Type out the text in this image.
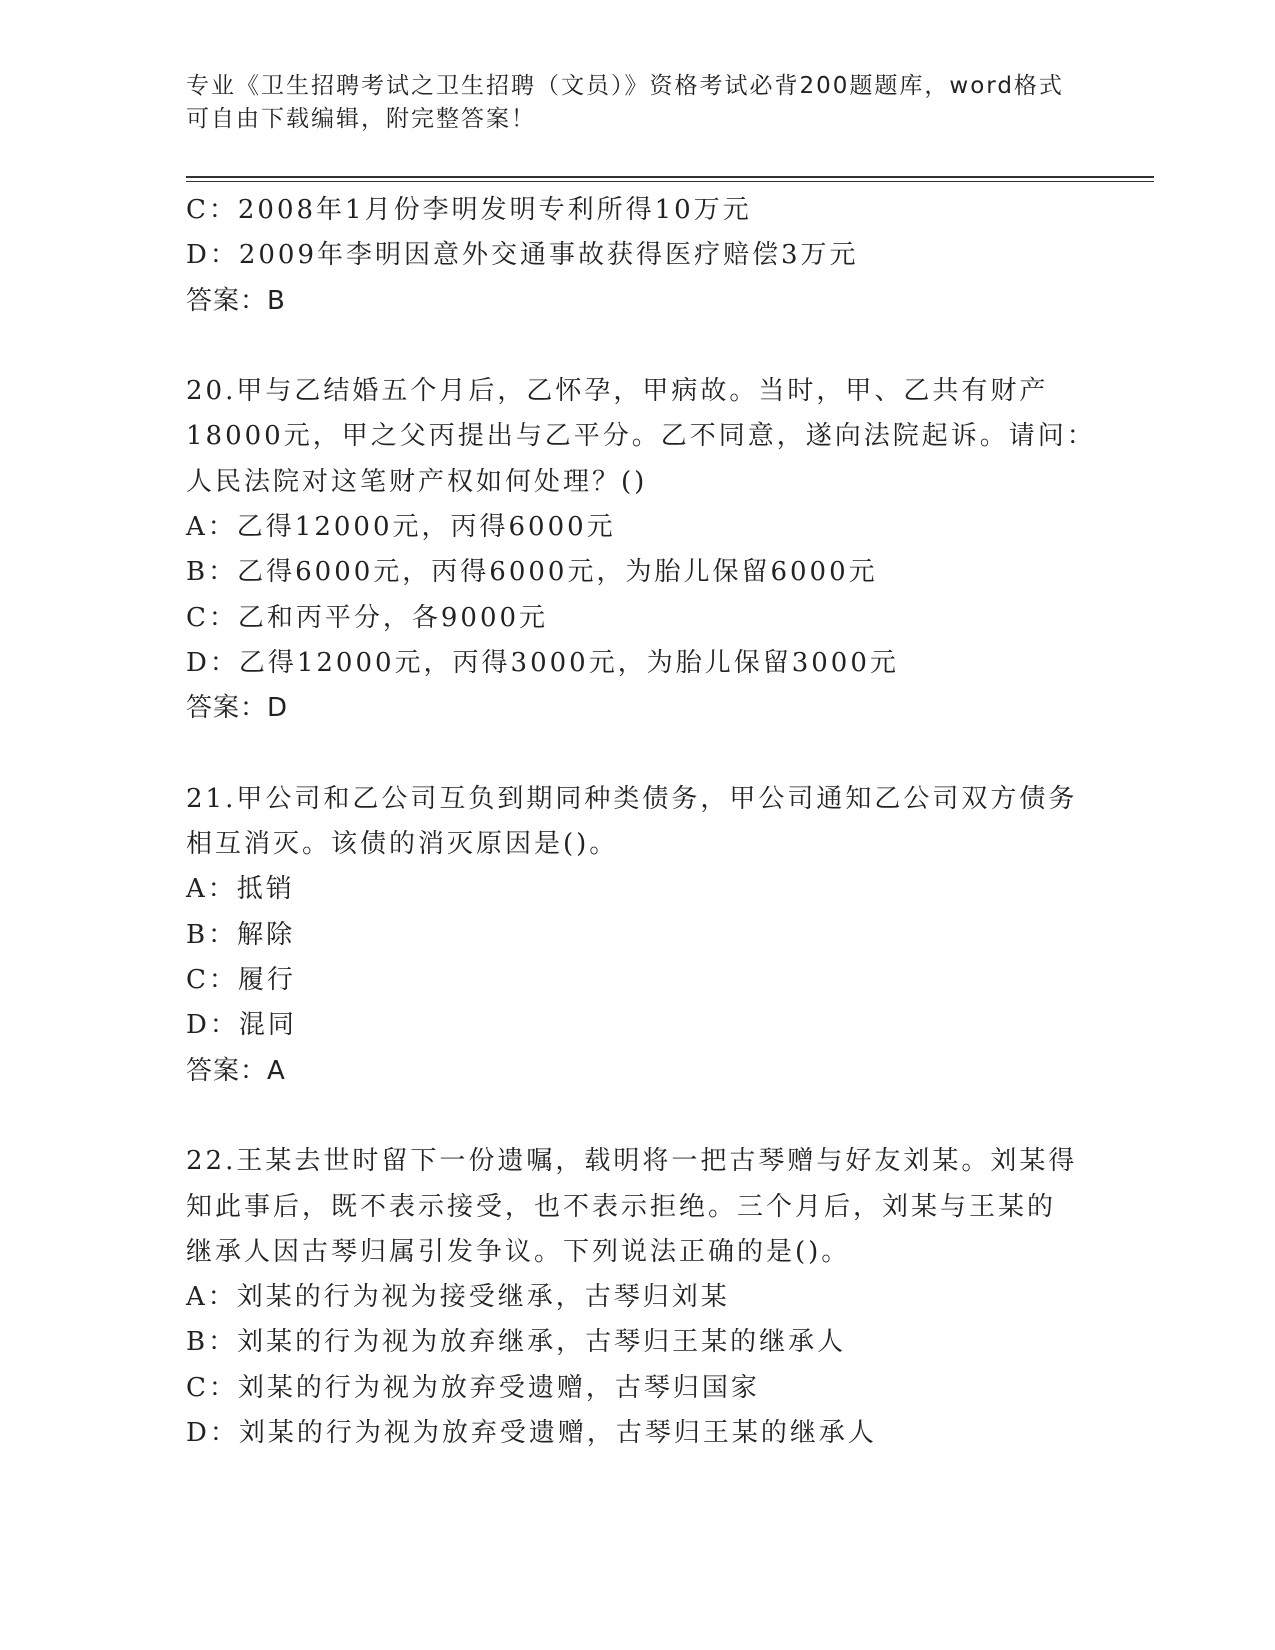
专业《卫生招聘考试之卫生招聘（文员）》资格考试必背200题题库，word格式
可自由下载编辑，附完整答案！
C：2008年1月份李明发明专利所得10万元
D：2009年李明因意外交通事故获得医疗赔偿3万元
答案：B
20.甲与乙结婚五个月后，乙怀孕，甲病故。当时，甲、乙共有财产
18000元，甲之父丙提出与乙平分。乙不同意，遂向法院起诉。请问：
人民法院对这笔财产权如何处理？()
A：乙得12000元，丙得6000元
B：乙得6000元，丙得6000元，为胎儿保留6000元
C：乙和丙平分，各9000元
D：乙得12000元，丙得3000元，为胎儿保留3000元
答案：D
21.甲公司和乙公司互负到期同种类债务，甲公司通知乙公司双方债务
相互消灭。该债的消灭原因是()。
A：抵销
B：解除
C：履行
D：混同
答案：A
22.王某去世时留下一份遗嘱，载明将一把古琴赠与好友刘某。刘某得
知此事后，既不表示接受，也不表示拒绝。三个月后，刘某与王某的
继承人因古琴归属引发争议。下列说法正确的是()。
A：刘某的行为视为接受继承，古琴归刘某
B：刘某的行为视为放弃继承，古琴归王某的继承人
C：刘某的行为视为放弃受遗赠，古琴归国家
D：刘某的行为视为放弃受遗赠，古琴归王某的继承人
